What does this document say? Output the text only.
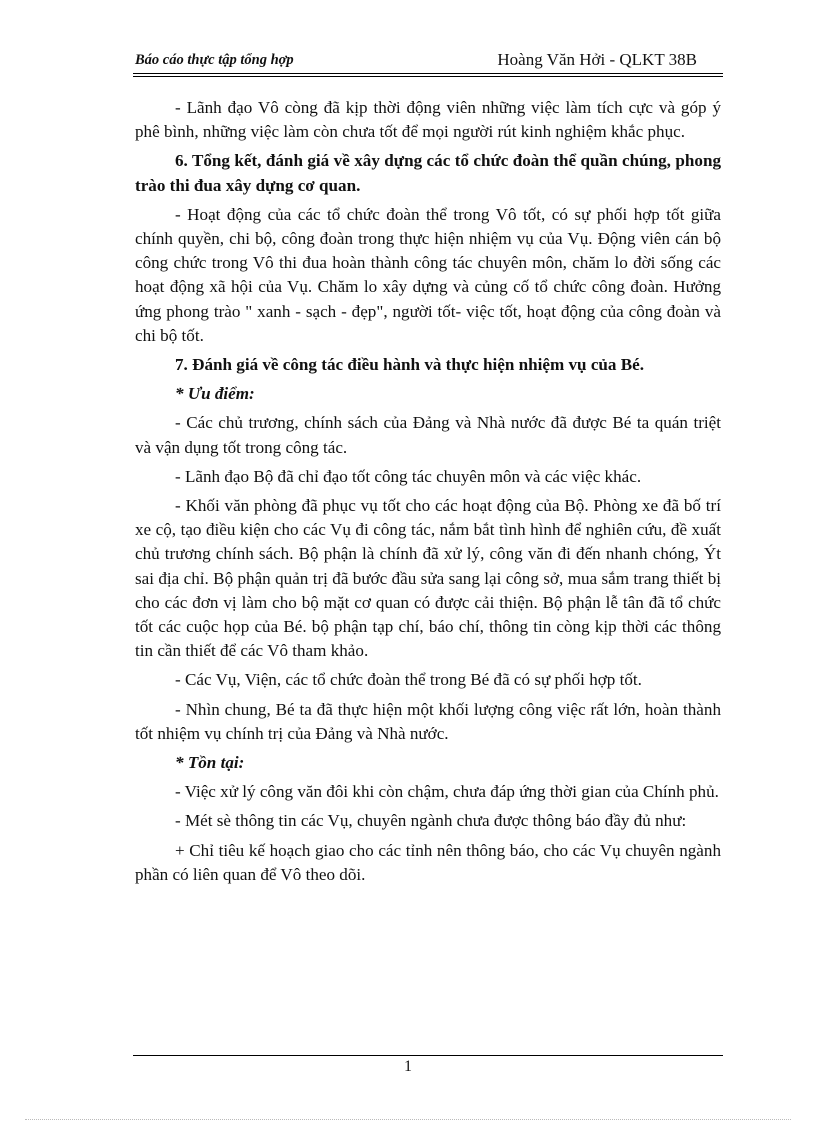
Báo cáo thực tập tổng hợp	Hoàng Văn Hởi - QLKT 38B

- Lãnh đạo Vô còng đã kịp thời động viên những việc làm tích cực và góp ý phê bình, những việc làm còn chưa tốt để mọi người rút kinh nghiệm khắc phục.

6. Tổng kết, đánh giá về xây dựng các tổ chức đoàn thể quần chúng, phong trào thi đua xây dựng cơ quan.

- Hoạt động của các tổ chức đoàn thể trong Vô tốt, có sự phối hợp tốt giữa chính quyền, chi bộ, công đoàn trong thực hiện nhiệm vụ của Vụ. Động viên cán bộ công chức trong Vô thi đua hoàn thành công tác chuyên môn, chăm lo đời sống các hoạt động xã hội của Vụ. Chăm lo xây dựng và củng cố tổ chức công đoàn. Hưởng ứng phong trào " xanh - sạch - đẹp", người tốt- việc tốt, hoạt động của công đoàn và chi bộ tốt.

7. Đánh giá về công tác điều hành và thực hiện nhiệm vụ của Bé.

* Ưu điểm:

- Các chủ trương, chính sách của Đảng và Nhà nước đã được Bé ta quán triệt và vận dụng tốt trong công tác.

- Lãnh đạo Bộ đã chỉ đạo tốt công tác chuyên môn và các việc khác.

- Khối văn phòng đã phục vụ tốt cho các hoạt động của Bộ. Phòng xe đã bố trí xe cộ, tạo điều kiện cho các Vụ đi công tác, nắm bắt tình hình để nghiên cứu, đề xuất chủ trương chính sách. Bộ phận là chính đã xử lý, công văn đi đến nhanh chóng, Ýt sai địa chỉ. Bộ phận quản trị đã bước đầu sửa sang lại công sở, mua sắm trang thiết bị cho các đơn vị làm cho bộ mặt cơ quan có được cải thiện. Bộ phận lễ tân đã tổ chức tốt các cuộc họp của Bé. bộ phận tạp chí, báo chí, thông tin còng kịp thời các thông tin cần thiết để các Vô tham khảo.

- Các Vụ, Viện, các tổ chức đoàn thể trong Bé đã có sự phối hợp tốt.

- Nhìn chung, Bé ta đã thực hiện một khối lượng công việc rất lớn, hoàn thành tốt nhiệm vụ chính trị của Đảng và Nhà nước.

* Tồn tại:

- Việc xử lý công văn đôi khi còn chậm, chưa đáp ứng thời gian của Chính phủ.

- Mét sè thông tin các Vụ, chuyên ngành chưa được thông báo đầy đủ như:

+ Chỉ tiêu kế hoạch giao cho các tỉnh nên thông báo, cho các Vụ chuyên ngành phần có liên quan để Vô theo dõi.

1
